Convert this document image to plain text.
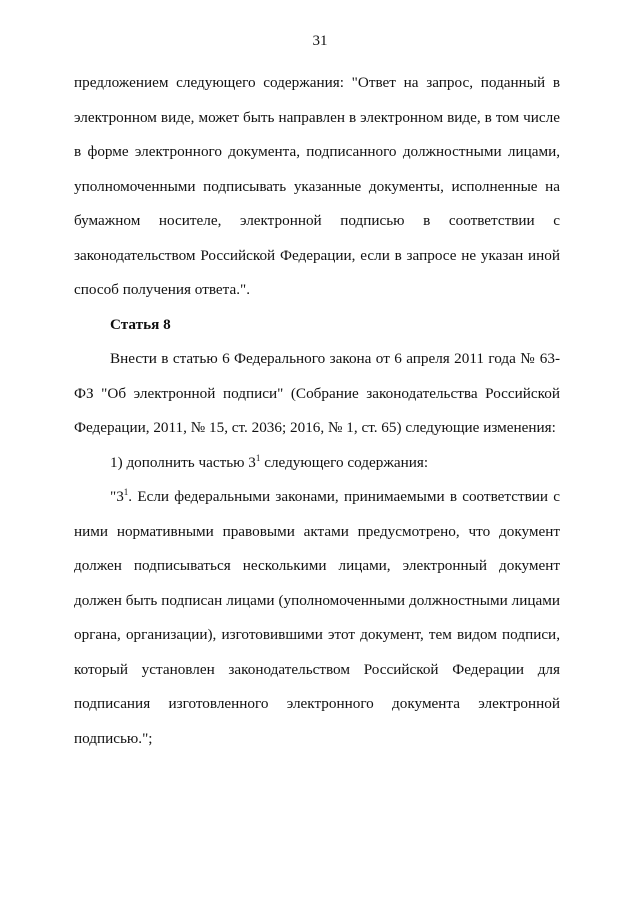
31

предложением следующего содержания: "Ответ на запрос, поданный в электронном виде, может быть направлен в электронном виде, в том числе в форме электронного документа, подписанного должностными лицами, уполномоченными подписывать указанные документы, исполненные на бумажном носителе, электронной подписью в соответствии с законодательством Российской Федерации, если в запросе не указан иной способ получения ответа.".

Статья 8

Внести в статью 6 Федерального закона от 6 апреля 2011 года № 63-ФЗ "Об электронной подписи" (Собрание законодательства Российской Федерации, 2011, № 15, ст. 2036; 2016, № 1, ст. 65) следующие изменения:

1) дополнить частью $3^1$ следующего содержания:

"$3^1$. Если федеральными законами, принимаемыми в соответствии с ними нормативными правовыми актами предусмотрено, что документ должен подписываться несколькими лицами, электронный документ должен быть подписан лицами (уполномоченными должностными лицами органа, организации), изготовившими этот документ, тем видом подписи, который установлен законодательством Российской Федерации для подписания изготовленного электронного документа электронной подписью.";
